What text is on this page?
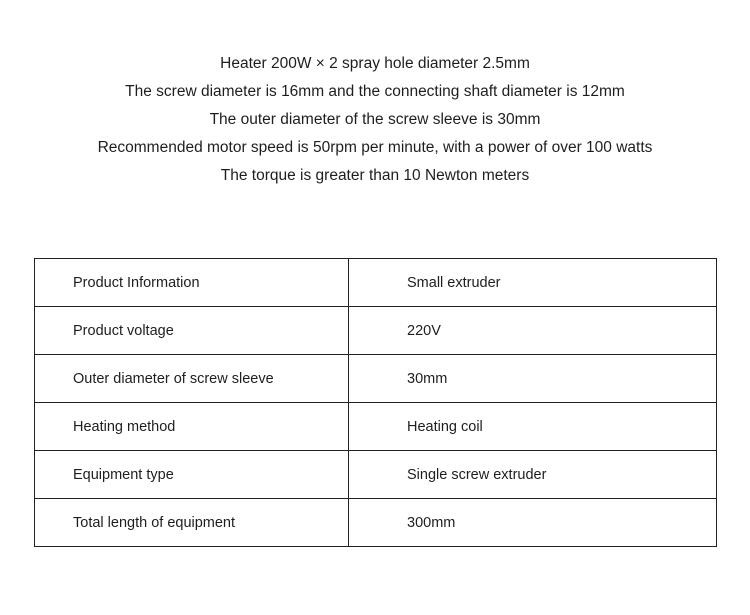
Heater 200W × 2 spray hole diameter 2.5mm
The screw diameter is 16mm and the connecting shaft diameter is 12mm
The outer diameter of the screw sleeve is 30mm
Recommended motor speed is 50rpm per minute, with a power of over 100 watts
The torque is greater than 10 Newton meters
Product Information	Small extruder
Product voltage	220V
Outer diameter of screw sleeve	30mm
Heating method	Heating coil
Equipment type	Single screw extruder
Total length of equipment	300mm
